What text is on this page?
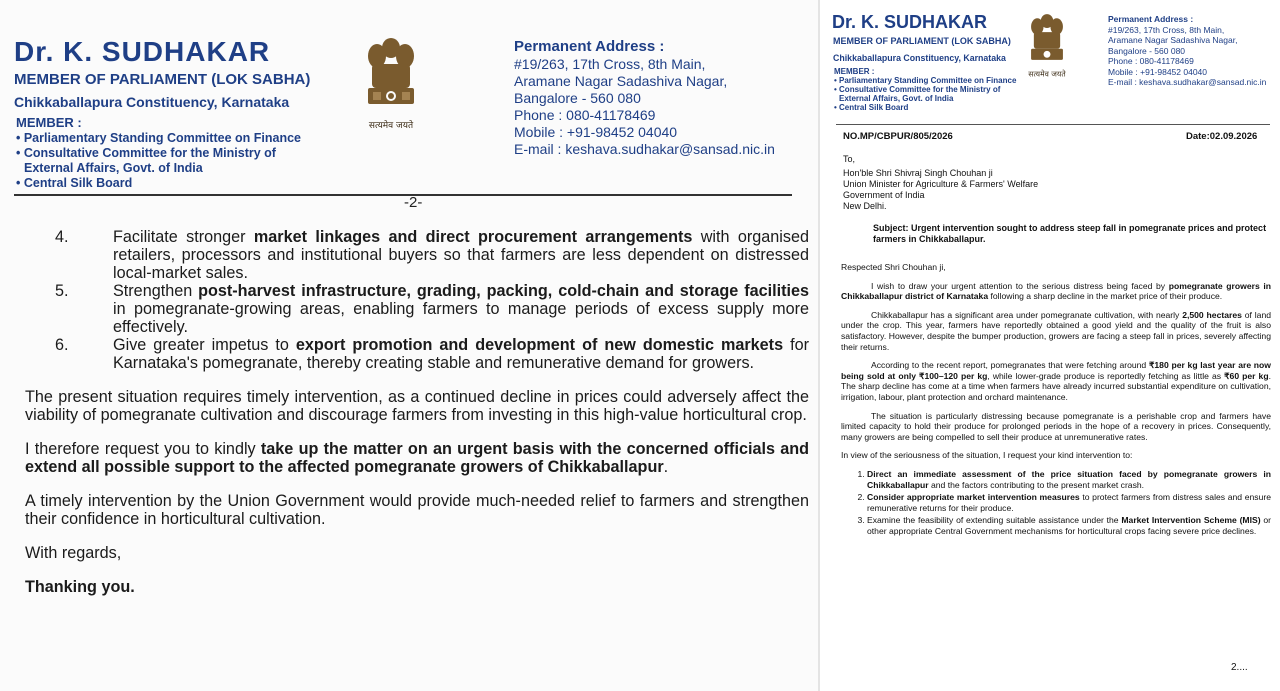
Dr. K. SUDHAKAR
MEMBER OF PARLIAMENT (LOK SABHA)
Chikkaballapura Constituency, Karnataka
MEMBER :
• Parliamentary Standing Committee on Finance
• Consultative Committee for the Ministry of
External Affairs, Govt. of India
• Central Silk Board
सत्यमेव जयते
Permanent Address :
#19/263, 17th Cross, 8th Main,
Aramane Nagar Sadashiva Nagar,
Bangalore - 560 080
Phone : 080-41178469
Mobile : +91-98452 04040
E-mail : keshava.sudhakar@sansad.nic.in
-2-
4.	Facilitate stronger market linkages and direct procurement arrangements with organised retailers, processors and institutional buyers so that farmers are less dependent on distressed local-market sales.
5.	Strengthen post-harvest infrastructure, grading, packing, cold-chain and storage facilities in pomegranate-growing areas, enabling farmers to manage periods of excess supply more effectively.
6.	Give greater impetus to export promotion and development of new domestic markets for Karnataka's pomegranate, thereby creating stable and remunerative demand for growers.

The present situation requires timely intervention, as a continued decline in prices could adversely affect the viability of pomegranate cultivation and discourage farmers from investing in this high-value horticultural crop.

I therefore request you to kindly take up the matter on an urgent basis with the concerned officials and extend all possible support to the affected pomegranate growers of Chikkaballapur.

A timely intervention by the Union Government would provide much-needed relief to farmers and strengthen their confidence in horticultural cultivation.

With regards,

Thanking you.

Dr. K. SUDHAKAR
MEMBER OF PARLIAMENT (LOK SABHA)
Chikkaballapura Constituency, Karnataka
MEMBER :
• Parliamentary Standing Committee on Finance
• Consultative Committee for the Ministry of
External Affairs, Govt. of India
• Central Silk Board
सत्यमेव जयते
Permanent Address :
#19/263, 17th Cross, 8th Main,
Aramane Nagar Sadashiva Nagar,
Bangalore - 560 080
Phone : 080-41178469
Mobile : +91-98452 04040
E-mail : keshava.sudhakar@sansad.nic.in
NO.MP/CBPUR/805/2026	Date:02.09.2026
To,
Hon'ble Shri Shivraj Singh Chouhan ji
Union Minister for Agriculture & Farmers' Welfare
Government of India
New Delhi.
Subject: Urgent intervention sought to address steep fall in pomegranate prices and protect farmers in Chikkaballapur.

Respected Shri Chouhan ji,

I wish to draw your urgent attention to the serious distress being faced by pomegranate growers in Chikkaballapur district of Karnataka following a sharp decline in the market price of their produce.

Chikkaballapur has a significant area under pomegranate cultivation, with nearly 2,500 hectares of land under the crop. This year, farmers have reportedly obtained a good yield and the quality of the fruit is also satisfactory. However, despite the bumper production, growers are facing a steep fall in prices, severely affecting their returns.

According to the recent report, pomegranates that were fetching around ₹180 per kg last year are now being sold at only ₹100–120 per kg, while lower-grade produce is reportedly fetching as little as ₹60 per kg. The sharp decline has come at a time when farmers have already incurred substantial expenditure on cultivation, irrigation, labour, plant protection and orchard maintenance.

The situation is particularly distressing because pomegranate is a perishable crop and farmers have limited capacity to hold their produce for prolonged periods in the hope of a recovery in prices. Consequently, many growers are being compelled to sell their produce at unremunerative rates.

In view of the seriousness of the situation, I request your kind intervention to:

1. Direct an immediate assessment of the price situation faced by pomegranate growers in Chikkaballapur and the factors contributing to the present market crash.
2. Consider appropriate market intervention measures to protect farmers from distress sales and ensure remunerative returns for their produce.
3. Examine the feasibility of extending suitable assistance under the Market Intervention Scheme (MIS) or other appropriate Central Government mechanisms for horticultural crops facing severe price declines.
2....
